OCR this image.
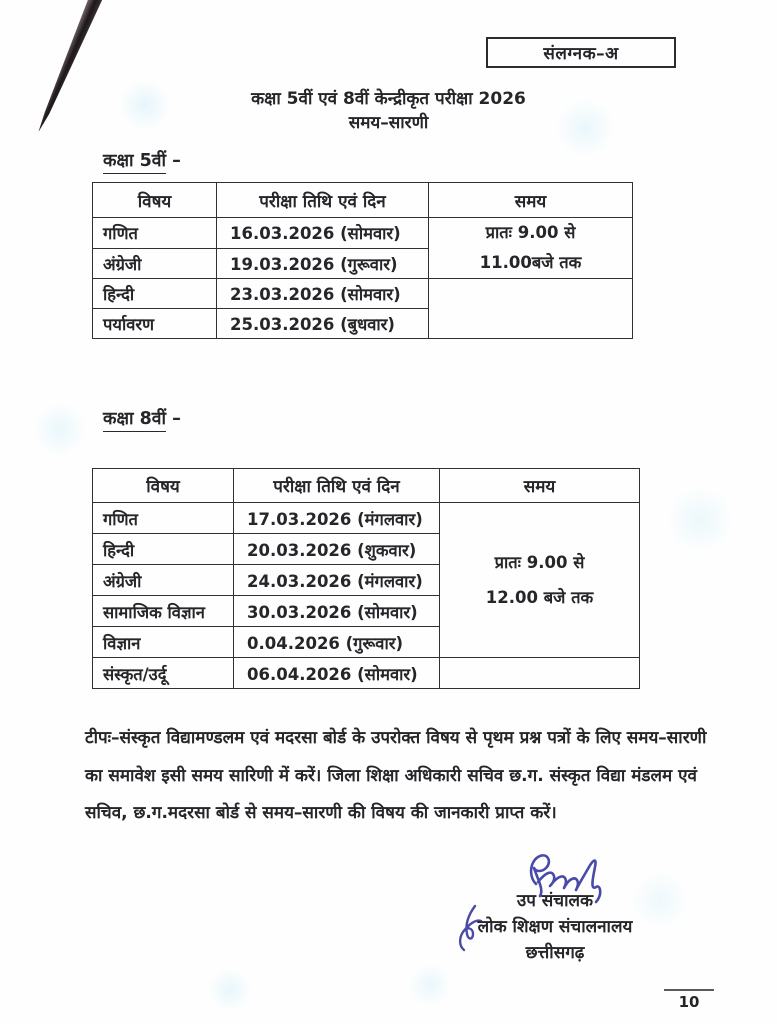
संलग्नक–अ
कक्षा 5वीं एवं 8वीं केन्द्रीकृत परीक्षा 2026
समय–सारणी
कक्षा 5वीं –
विषय	परीक्षा तिथि एवं दिन	समय
गणित	16.03.2026 (सोमवार)	प्रातः 9.00 से
11.00बजे तक

अंग्रेजी	19.03.2026 (गुरूवार)	
हिन्दी	23.03.2026 (सोमवार)	
पर्यावरण	25.03.2026 (बुधवार)	
कक्षा 8वीं –
विषय	परीक्षा तिथि एवं दिन	समय
गणित	17.03.2026 (मंगलवार)	प्रातः 9.00 से
12.00 बजे तक

हिन्दी	20.03.2026 (शुकवार)	
अंग्रेजी	24.03.2026 (मंगलवार)	
सामाजिक विज्ञान	30.03.2026 (सोमवार)	
विज्ञान	0.04.2026 (गुरूवार)	
संस्कृत/उर्दू	06.04.2026 (सोमवार)	

टीपः–संस्कृत विद्यामण्डलम एवं मदरसा बोर्ड के उपरोक्त विषय से पृथम प्रश्न पत्रों के लिए समय–सारणी का समावेश इसी समय सारिणी में करें। जिला शिक्षा अधिकारी सचिव छ.ग. संस्कृत विद्या मंडलम एवं सचिव, छ.ग.मदरसा बोर्ड से समय–सारणी की विषय की जानकारी प्राप्त करें।

उप संचालक
लोक शिक्षण संचालनालय
छत्तीसगढ़
10
